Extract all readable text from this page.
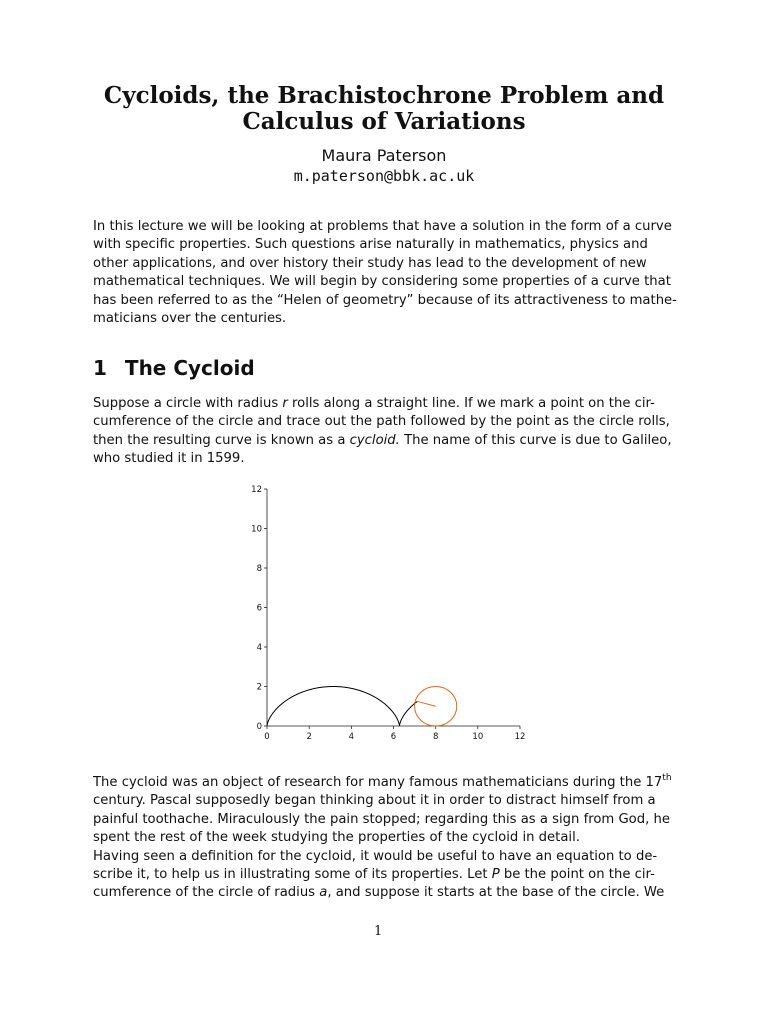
Cycloids, the Brachistochrone Problem and
Calculus of Variations
Maura Paterson
m.paterson@bbk.ac.uk
In this lecture we will be looking at problems that have a solution in the form of a curve
with specific properties. Such questions arise naturally in mathematics, physics and
other applications, and over history their study has lead to the development of new
mathematical techniques. We will begin by considering some properties of a curve that
has been referred to as the “Helen of geometry” because of its attractiveness to mathe-
maticians over the centuries.
1 The Cycloid
Suppose a circle with radius r rolls along a straight line. If we mark a point on the cir-
cumference of the circle and trace out the path followed by the point as the circle rolls,
then the resulting curve is known as a cycloid. The name of this curve is due to Galileo,
who studied it in 1599.
0	2	4	6	8	10	12
0
2
4
6
8
10
12
The cycloid was an object of research for many famous mathematicians during the 17th
century. Pascal supposedly began thinking about it in order to distract himself from a
painful toothache. Miraculously the pain stopped; regarding this as a sign from God, he
spent the rest of the week studying the properties of the cycloid in detail.
Having seen a definition for the cycloid, it would be useful to have an equation to de-
scribe it, to help us in illustrating some of its properties. Let P be the point on the cir-
cumference of the circle of radius a, and suppose it starts at the base of the circle. We
1
